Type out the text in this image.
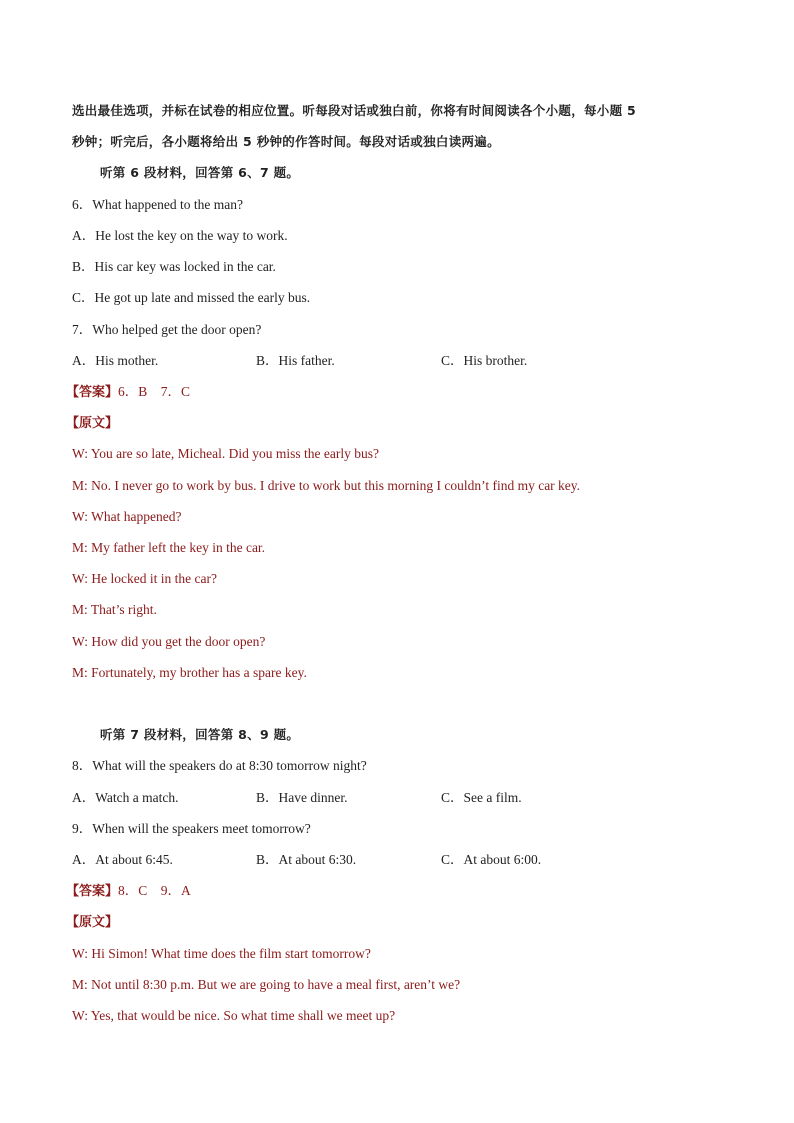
选出最佳选项，并标在试卷的相应位置。听每段对话或独白前，你将有时间阅读各个小题，每小题 5
秒钟；听完后，各小题将给出 5 秒钟的作答时间。每段对话或独白读两遍。
听第 6 段材料，回答第 6、7 题。
6．What happened to the man?
A．He lost the key on the way to work.
B．His car key was locked in the car.
C．He got up late and missed the early bus.
7．Who helped get the door open?
A．His mother.	B．His father.	C．His brother.
【答案】6．B　7．C
【原文】
W: You are so late, Micheal. Did you miss the early bus?
M: No. I never go to work by bus. I drive to work but this morning I couldn’t find my car key.
W: What happened?
M: My father left the key in the car.
W: He locked it in the car?
M: That’s right.
W: How did you get the door open?
M: Fortunately, my brother has a spare key.
听第 7 段材料，回答第 8、9 题。
8．What will the speakers do at 8:30 tomorrow night?
A．Watch a match.	B．Have dinner.	C．See a film.
9．When will the speakers meet tomorrow?
A．At about 6:45.	B．At about 6:30.	C．At about 6:00.
【答案】8．C　9．A
【原文】
W: Hi Simon! What time does the film start tomorrow?
M: Not until 8:30 p.m. But we are going to have a meal first, aren’t we?
W: Yes, that would be nice. So what time shall we meet up?
